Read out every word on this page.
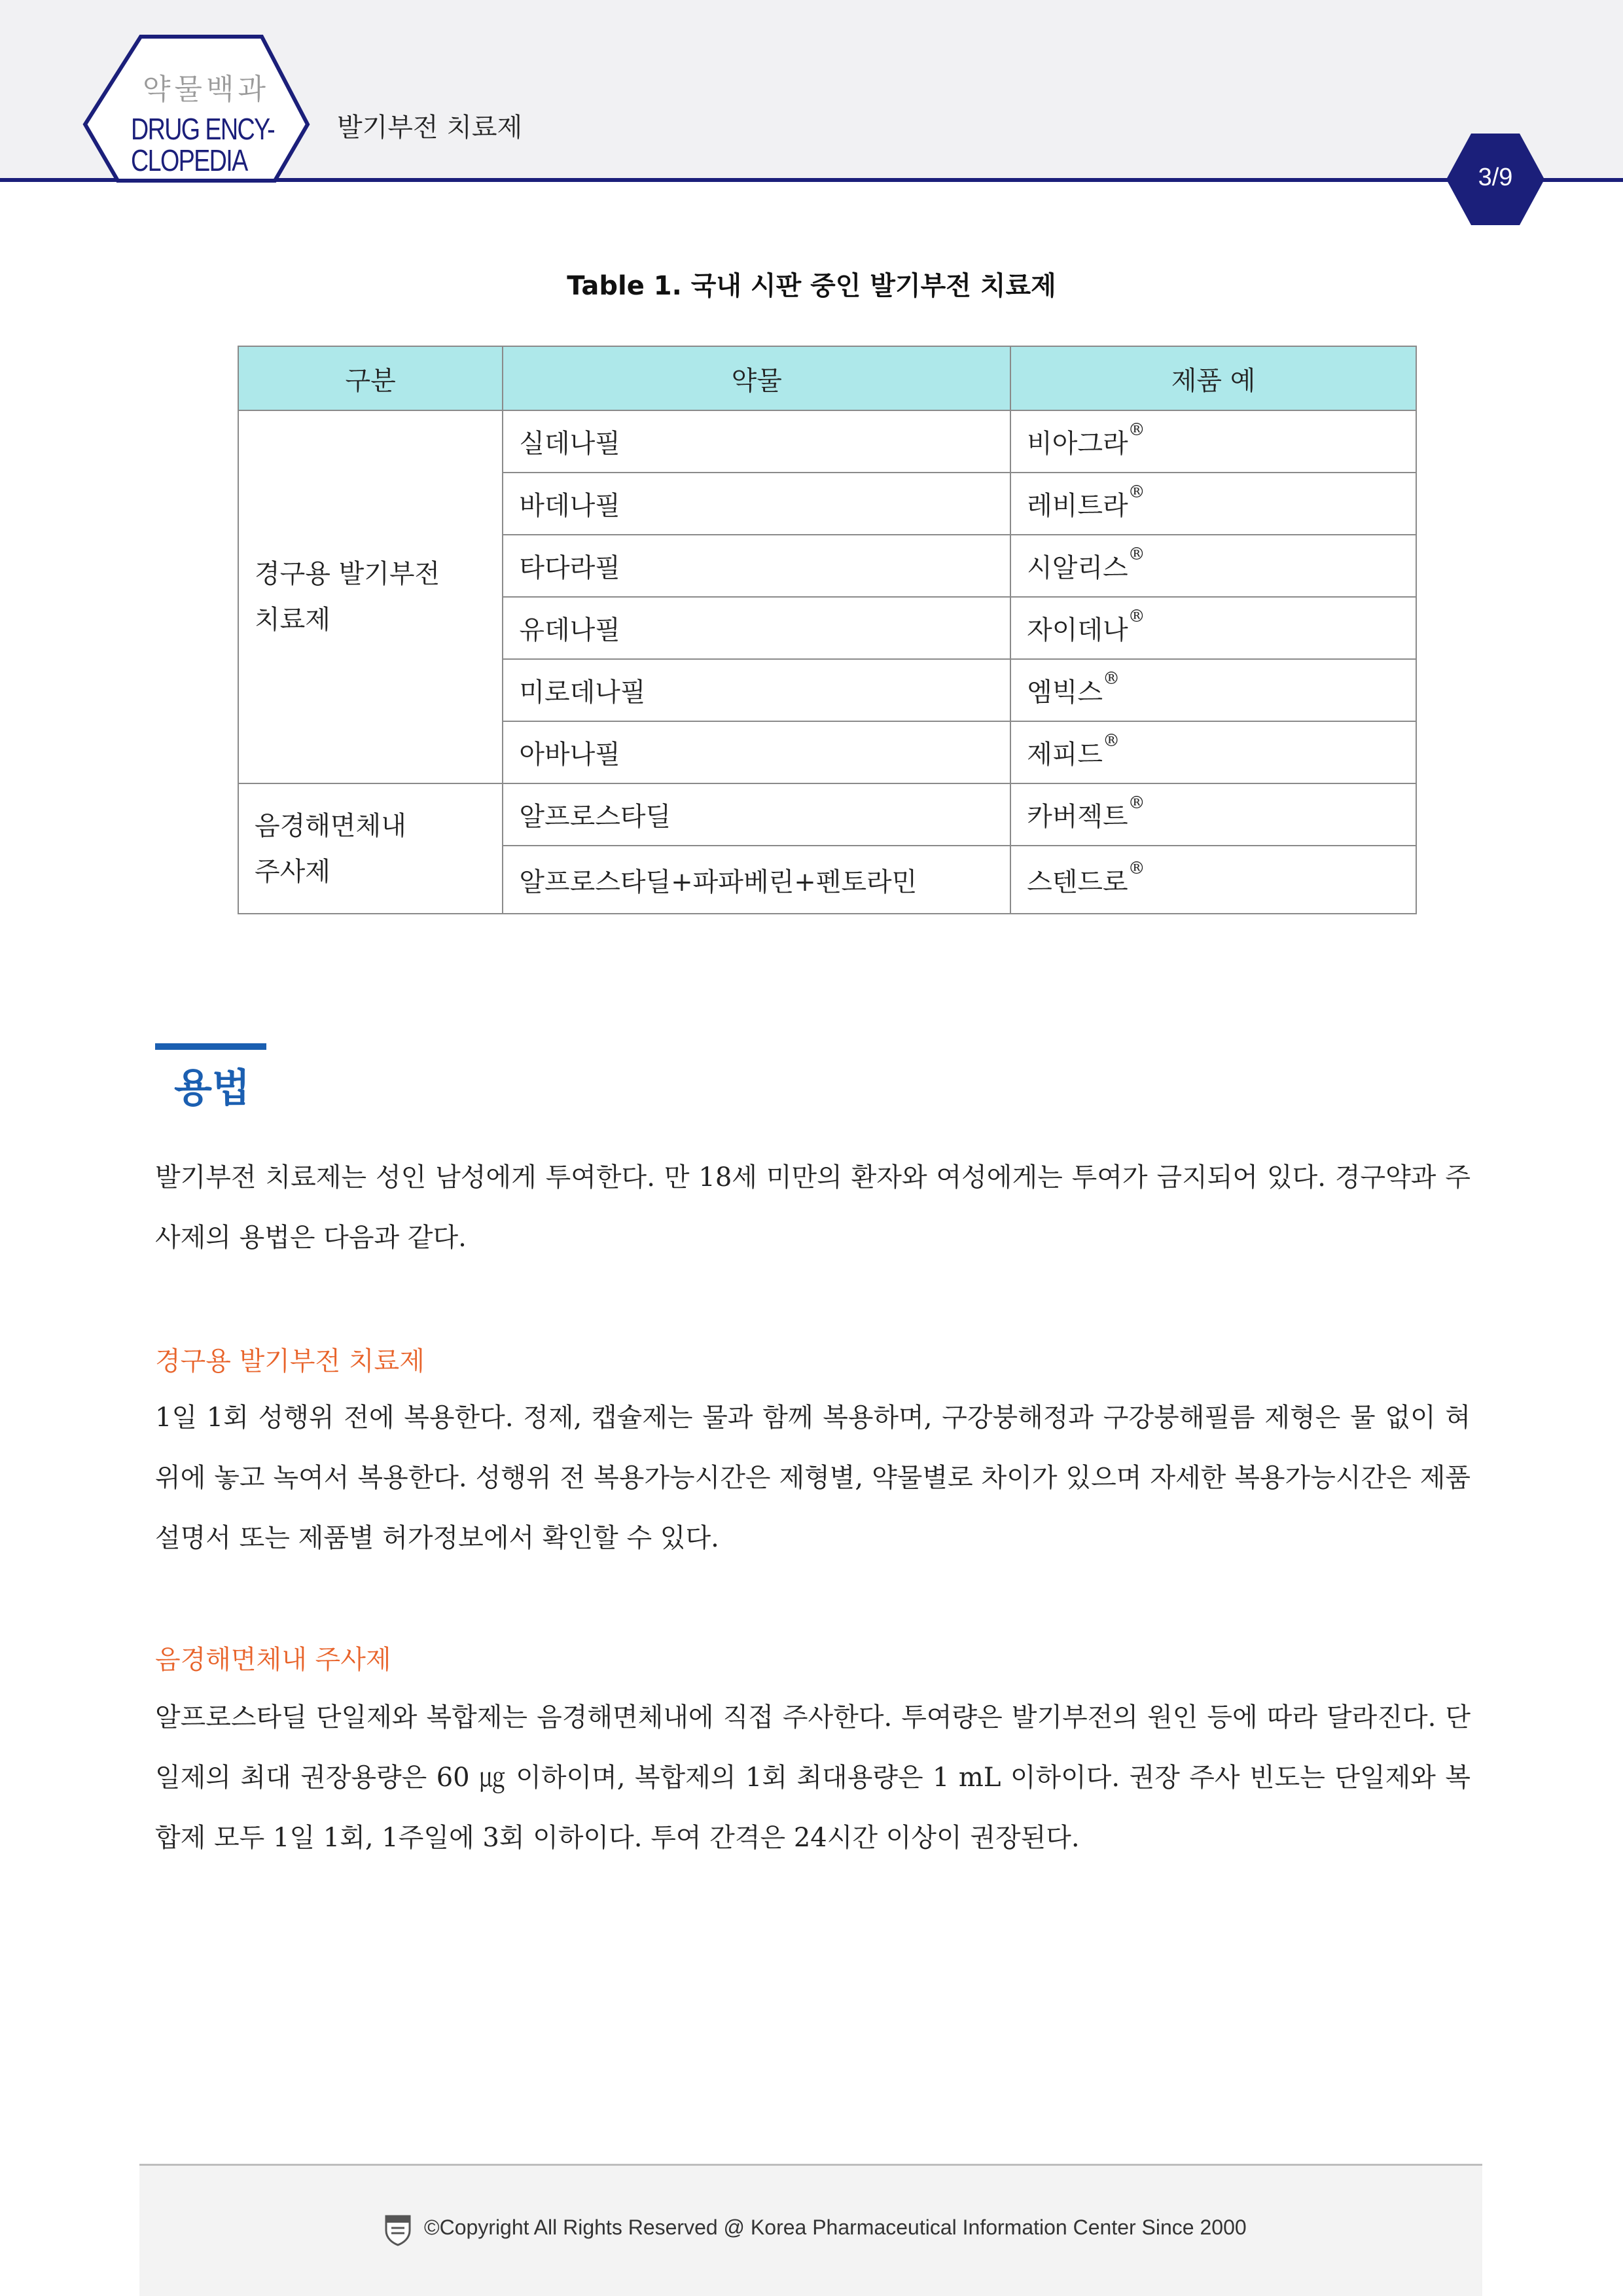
약물백과
DRUG ENCY-
CLOPEDIA
발기부전 치료제
3/9
Table 1. 국내 시판 중인 발기부전 치료제
구분	약물	제품 예
경구용 발기부전
치료제	실데나필	비아그라®
	바데나필	레비트라®
	타다라필	시알리스®
	유데나필	자이데나®
	미로데나필	엠빅스®
	아바나필	제피드®
음경해면체내
주사제	알프로스타딜	카버젝트®
	알프로스타딜+파파베린+펜토라민	스텐드로®
용법

발기부전 치료제는 성인 남성에게 투여한다. 만 18세 미만의 환자와 여성에게는 투여가 금지되어 있다. 경구약과 주사제의 용법은 다음과 같다.

경구용 발기부전 치료제

1일 1회 성행위 전에 복용한다. 정제, 캡슐제는 물과 함께 복용하며, 구강붕해정과 구강붕해필름 제형은 물 없이 혀 위에 놓고 녹여서 복용한다. 성행위 전 복용가능시간은 제형별, 약물별로 차이가 있으며 자세한 복용가능시간은 제품설명서 또는 제품별 허가정보에서 확인할 수 있다.

음경해면체내 주사제

알프로스타딜 단일제와 복합제는 음경해면체내에 직접 주사한다. 투여량은 발기부전의 원인 등에 따라 달라진다. 단일제의 최대 권장용량은 60 ㎍ 이하이며, 복합제의 1회 최대용량은 1 mL 이하이다. 권장 주사 빈도는 단일제와 복합제 모두 1일 1회, 1주일에 3회 이하이다. 투여 간격은 24시간 이상이 권장된다.

©Copyright All Rights Reserved @ Korea Pharmaceutical Information Center Since 2000
